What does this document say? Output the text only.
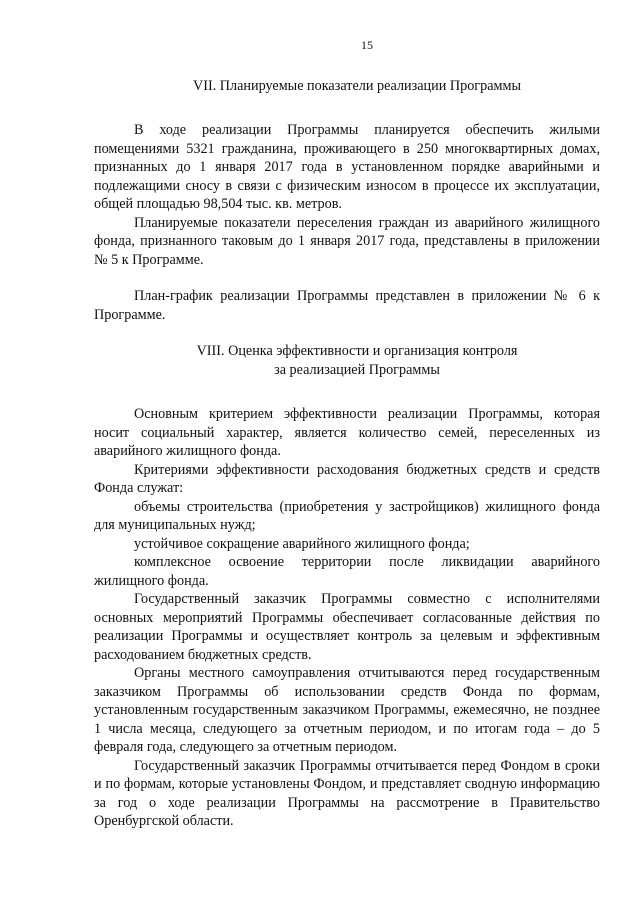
15
VII. Планируемые показатели реализации Программы

В ходе реализации Программы планируется обеспечить жилыми помещениями 5321 гражданина, проживающего в 250 многоквартирных домах, признанных до 1 января 2017 года в установленном порядке аварийными и подлежащими сносу в связи с физическим износом в процессе их эксплуатации, общей площадью 98,504 тыс. кв. метров.

Планируемые показатели переселения граждан из аварийного жилищного фонда, признанного таковым до 1 января 2017 года, представлены в приложении № 5 к Программе.

План-график реализации Программы представлен в приложении № 6 к Программе.

VIII. Оценка эффективности и организация контроля
за реализацией Программы

Основным критерием эффективности реализации Программы, которая носит социальный характер, является количество семей, переселенных из аварийного жилищного фонда.

Критериями эффективности расходования бюджетных средств и средств Фонда служат:

объемы строительства (приобретения у застройщиков) жилищного фонда для муниципальных нужд;

устойчивое сокращение аварийного жилищного фонда;

комплексное освоение территории после ликвидации аварийного жилищного фонда.

Государственный заказчик Программы совместно с исполнителями основных мероприятий Программы обеспечивает согласованные действия по реализации Программы и осуществляет контроль за целевым и эффективным расходованием бюджетных средств.

Органы местного самоуправления отчитываются перед государственным заказчиком Программы об использовании средств Фонда по формам, установленным государственным заказчиком Программы, ежемесячно, не позднее 1 числа месяца, следующего за отчетным периодом, и по итогам года – до 5 февраля года, следующего за отчетным периодом.

Государственный заказчик Программы отчитывается перед Фондом в сроки и по формам, которые установлены Фондом, и представляет сводную информацию за год о ходе реализации Программы на рассмотрение в Правительство Оренбургской области.
